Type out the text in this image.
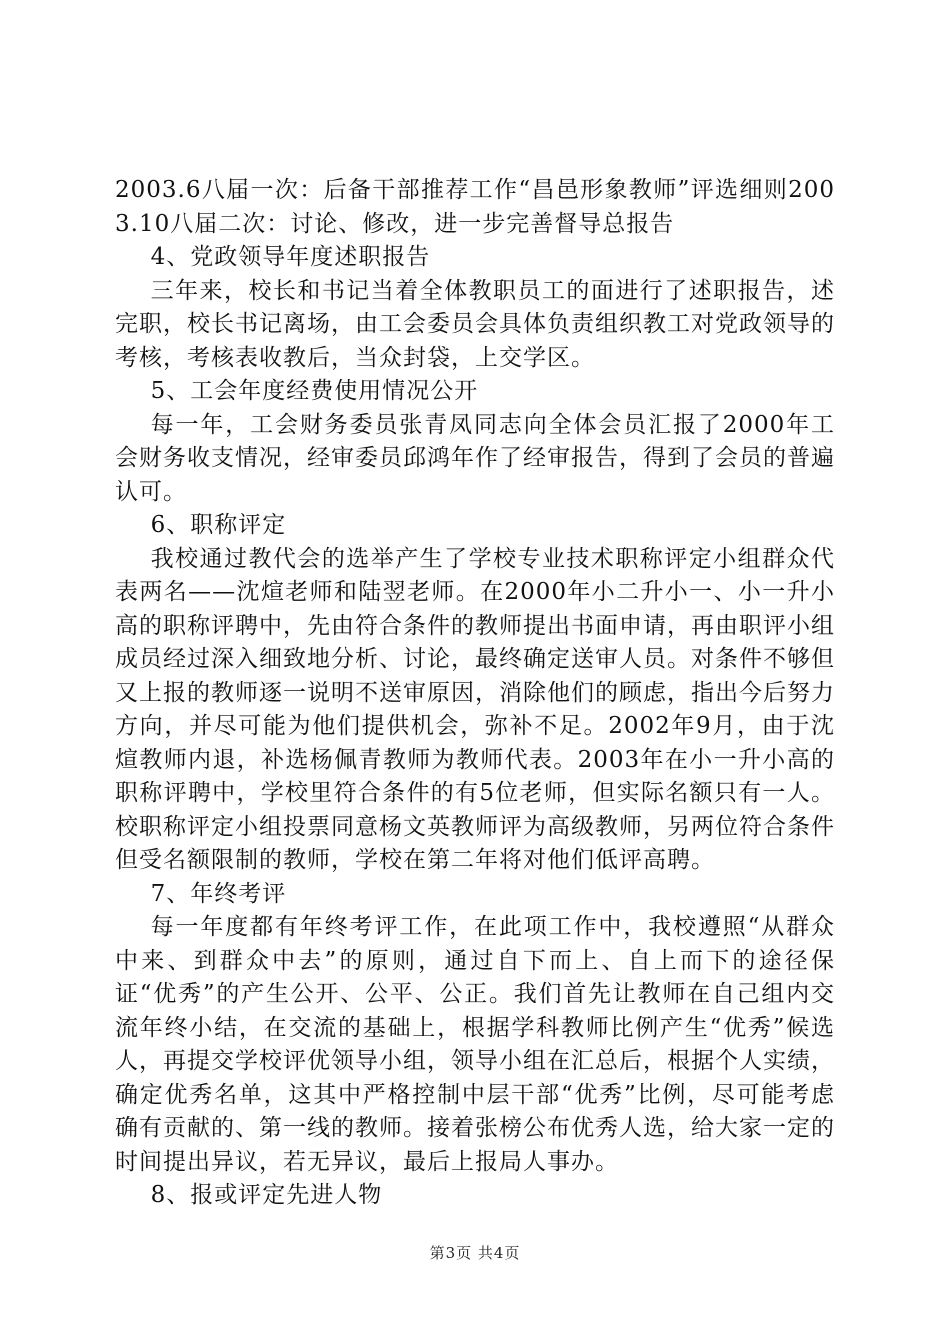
2003.6八届一次：后备干部推荐工作“昌邑形象教师”评选细则2003.10八届二次：讨论、修改，进一步完善督导总报告

4、党政领导年度述职报告

三年来，校长和书记当着全体教职员工的面进行了述职报告，述完职，校长书记离场，由工会委员会具体负责组织教工对党政领导的考核，考核表收教后，当众封袋，上交学区。

5、工会年度经费使用情况公开

每一年，工会财务委员张青凤同志向全体会员汇报了2000年工会财务收支情况，经审委员邱鸿年作了经审报告，得到了会员的普遍认可。

6、职称评定

我校通过教代会的选举产生了学校专业技术职称评定小组群众代表两名——沈煊老师和陆翌老师。在2000年小二升小一、小一升小高的职称评聘中，先由符合条件的教师提出书面申请，再由职评小组成员经过深入细致地分析、讨论，最终确定送审人员。对条件不够但又上报的教师逐一说明不送审原因，消除他们的顾虑，指出今后努力方向，并尽可能为他们提供机会，弥补不足。2002年9月，由于沈煊教师内退，补选杨佩青教师为教师代表。2003年在小一升小高的职称评聘中，学校里符合条件的有5位老师，但实际名额只有一人。校职称评定小组投票同意杨文英教师评为高级教师，另两位符合条件但受名额限制的教师，学校在第二年将对他们低评高聘。

7、年终考评

每一年度都有年终考评工作，在此项工作中，我校遵照“从群众中来、到群众中去”的原则，通过自下而上、自上而下的途径保证“优秀”的产生公开、公平、公正。我们首先让教师在自己组内交流年终小结，在交流的基础上，根据学科教师比例产生“优秀”候选人，再提交学校评优领导小组，领导小组在汇总后，根据个人实绩，确定优秀名单，这其中严格控制中层干部“优秀”比例，尽可能考虑确有贡献的、第一线的教师。接着张榜公布优秀人选，给大家一定的时间提出异议，若无异议，最后上报局人事办。

8、报或评定先进人物

第3页 共4页
